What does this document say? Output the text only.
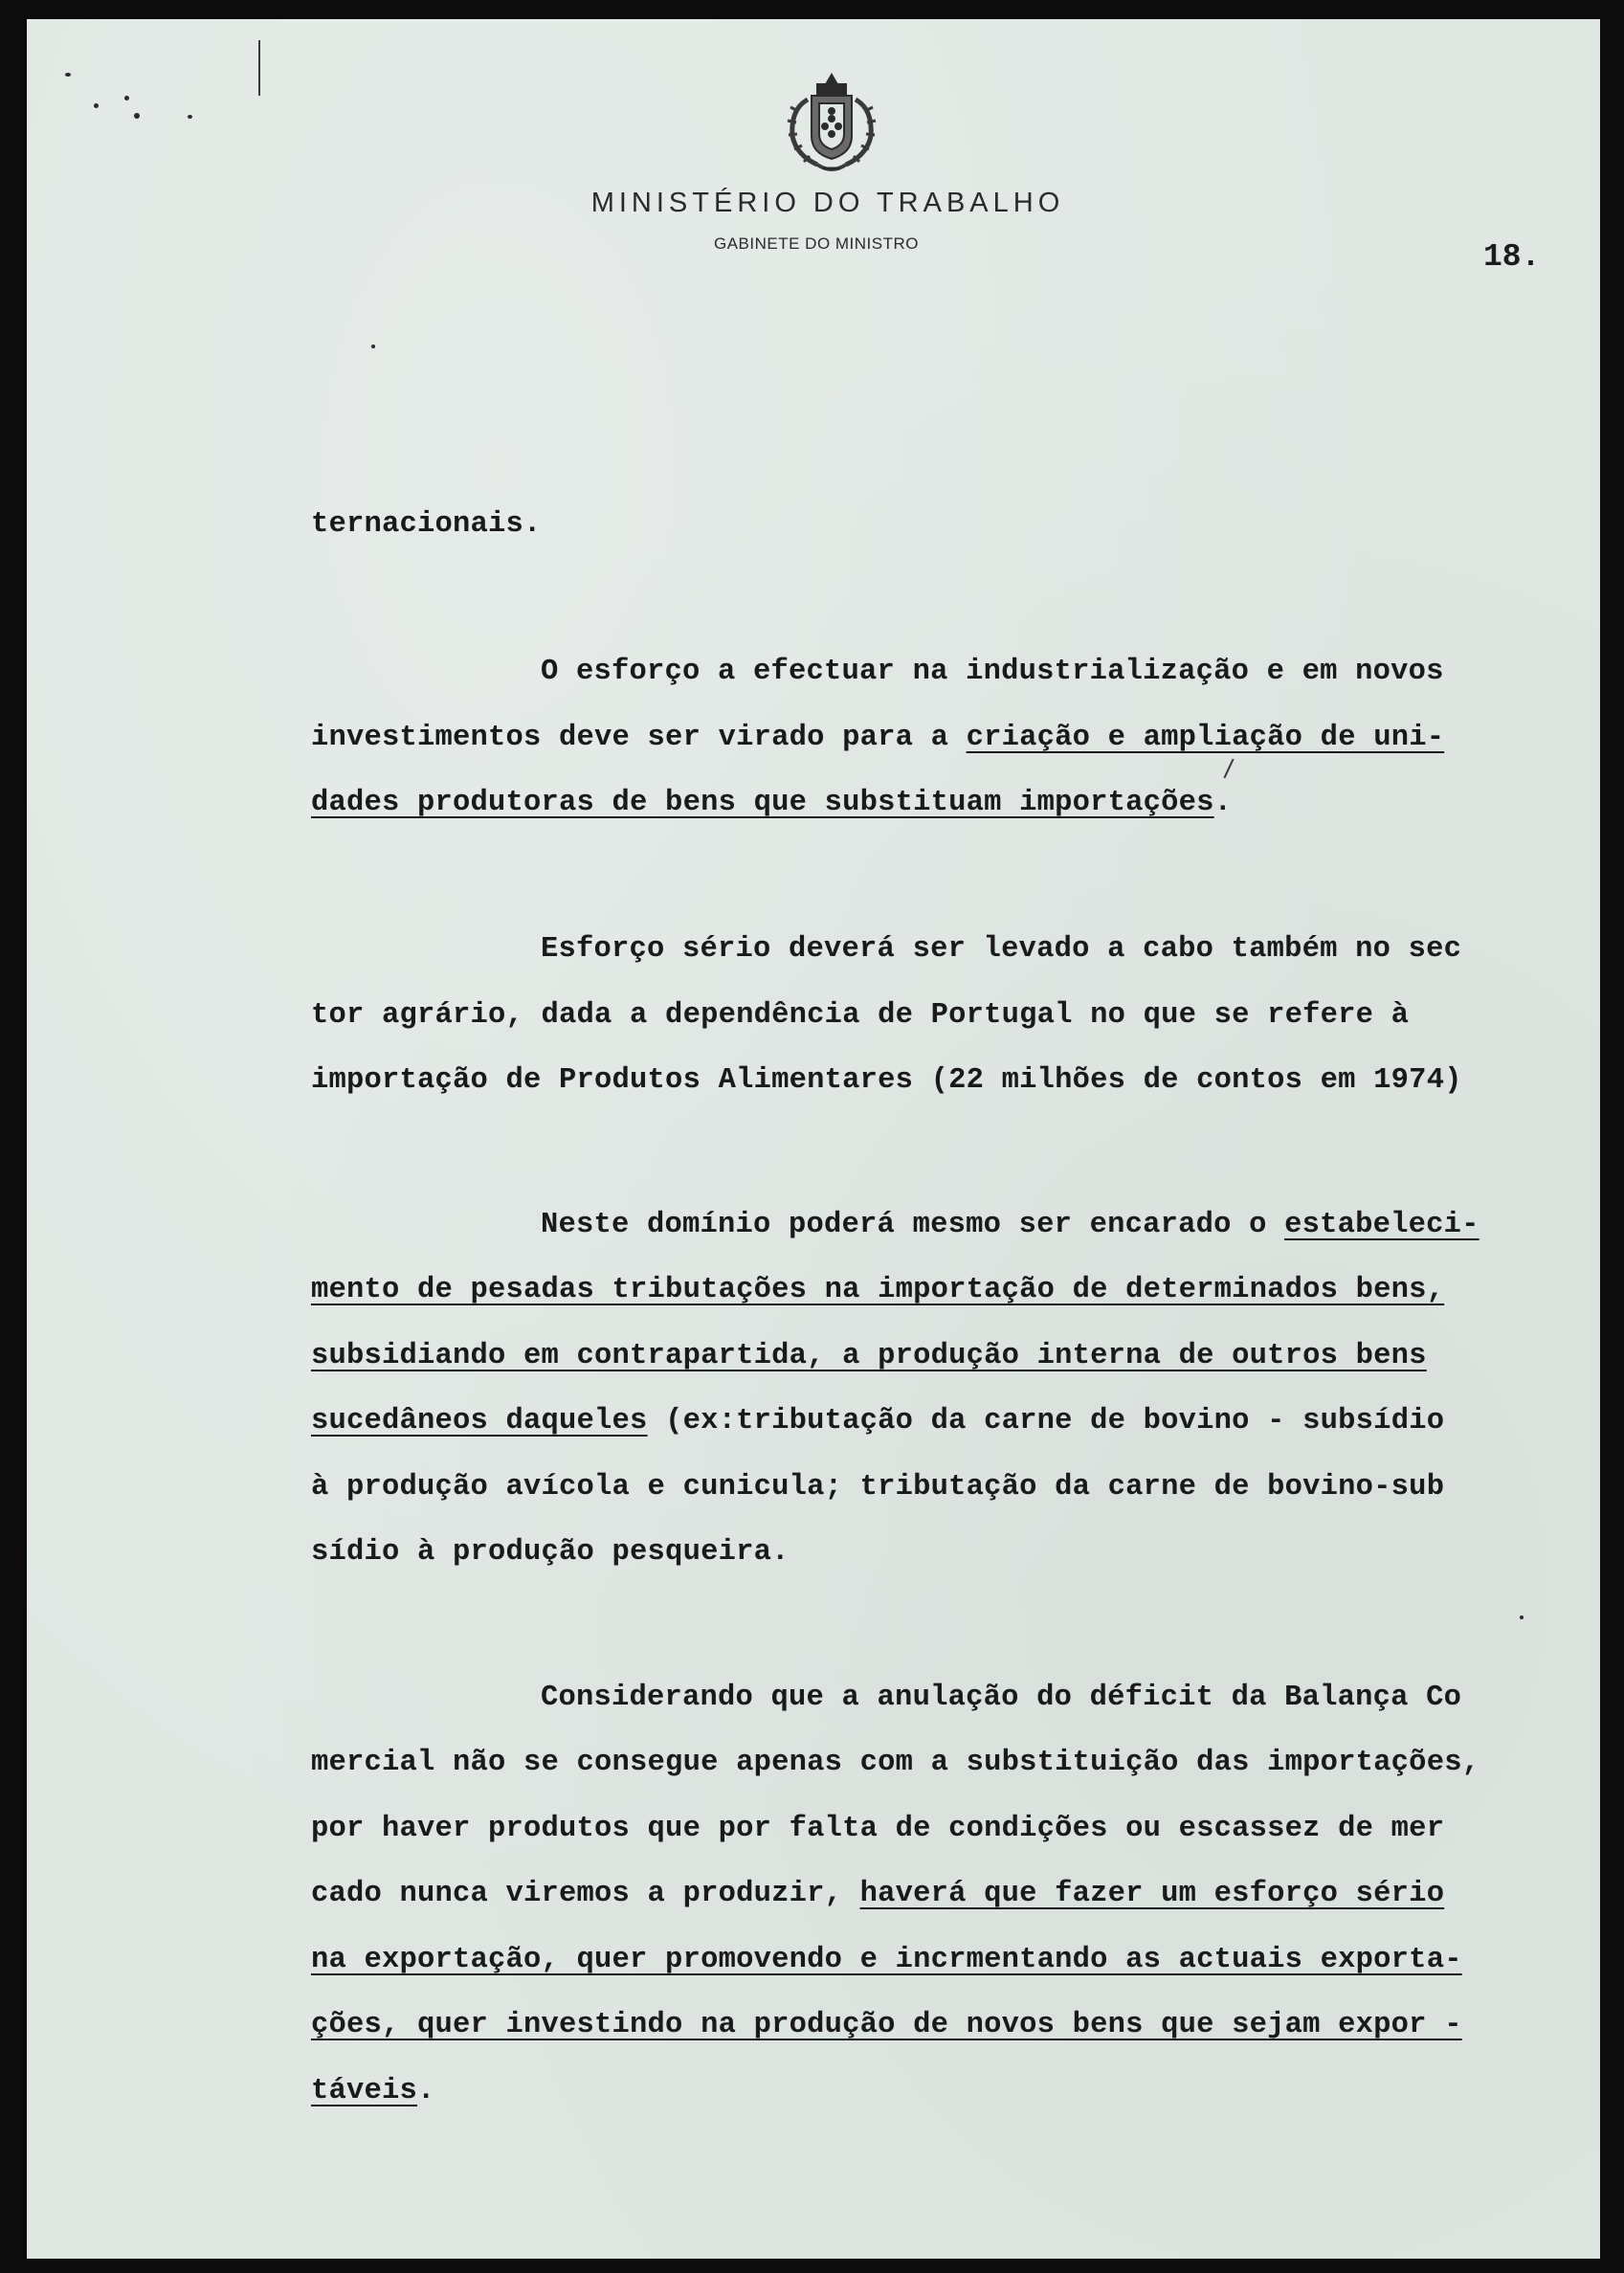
MINISTÉRIO DO TRABALHO
GABINETE DO MINISTRO	18.
ternacionais.
O esforço a efectuar na industrialização e em novos
investimentos deve ser virado para a criação e ampliação de uni-
dades produtoras de bens que substituam importações.
Esforço sério deverá ser levado a cabo também no sec
tor agrário, dada a dependência de Portugal no que se refere à
importação de Produtos Alimentares (22 milhões de contos em 1974)
Neste domínio poderá mesmo ser encarado o estabeleci-
mento de pesadas tributações na importação de determinados bens,
subsidiando em contrapartida, a produção interna de outros bens
sucedâneos daqueles (ex:tributação da carne de bovino - subsídio
à produção avícola e cunicula; tributação da carne de bovino-sub
sídio à produção pesqueira.
Considerando que a anulação do déficit da Balança Co
mercial não se consegue apenas com a substituição das importações,
por haver produtos que por falta de condições ou escassez de mer
cado nunca viremos a produzir, haverá que fazer um esforço sério
na exportação, quer promovendo e incrmentando as actuais exporta-
ções, quer investindo na produção de novos bens que sejam expor -
táveis.
